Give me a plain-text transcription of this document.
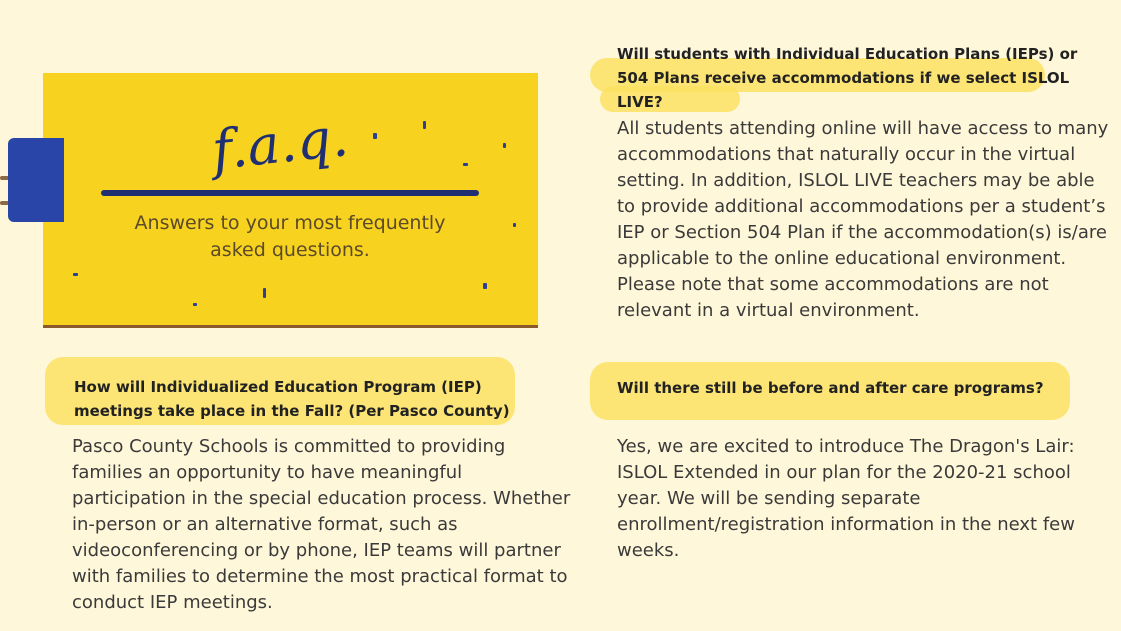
f.a.q.
Answers to your most frequently asked questions.
Will students with Individual Education Plans (IEPs) or 504 Plans receive accommodations if we select ISLOL LIVE?
All students attending online will have access to many accommodations that naturally occur in the virtual setting. In addition, ISLOL LIVE teachers may be able to provide additional accommodations per a student’s IEP or Section 504 Plan if the accommodation(s) is/are applicable to the online educational environment. Please note that some accommodations are not relevant in a virtual environment.
How will Individualized Education Program (IEP) meetings take place in the Fall? (Per Pasco County)
Pasco County Schools is committed to providing families an opportunity to have meaningful participation in the special education process. Whether in-person or an alternative format, such as videoconferencing or by phone, IEP teams will partner with families to determine the most practical format to conduct IEP meetings.
Will there still be before and after care programs?
Yes, we are excited to introduce The Dragon's Lair: ISLOL Extended in our plan for the 2020-21 school year. We will be sending separate enrollment/registration information in the next few weeks.
